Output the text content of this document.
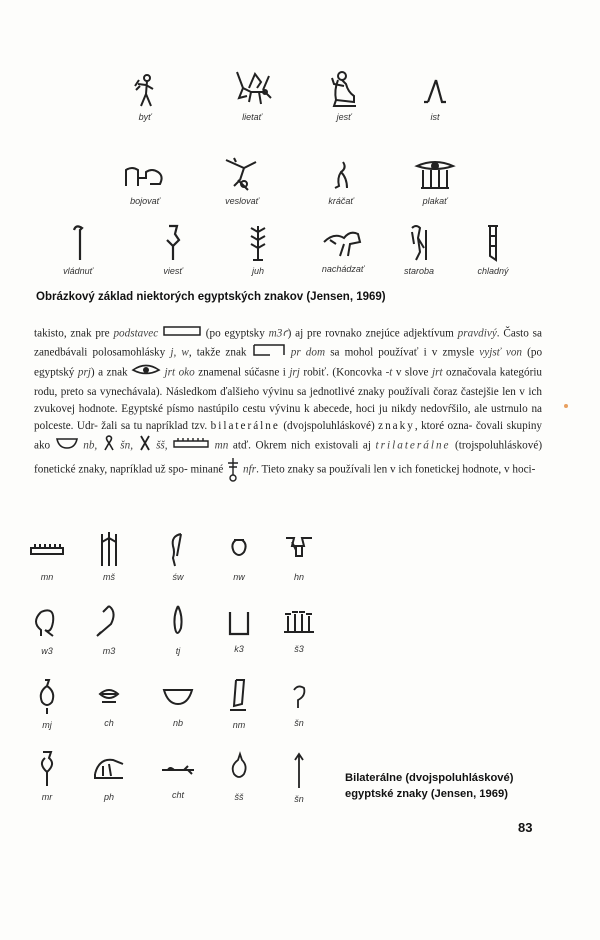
byť	lietať	jesť	ist
bojovať	veslovať	kráčať	plakať
vládnuť	viesť	juh	nachádzať	staroba	chladný
Obrázkový základ niektorých egyptských znakov (Jensen, 1969)
takisto, znak pre podstavec	(po egyptsky m3ꜥ) aj pre rovnako znejúce adjektívum pravdivý. Často sa zanedbávali polosamohlásky j, w, takže znak	pr dom sa mohol používať i v zmysle vyjsť von (po egyptský prj) a znak	jrt oko znamenal súčasne i jrj robiť. (Koncovka -t v slove jrt označovala kategóriu rodu, preto sa vynechávala). Následkom ďalšieho vývinu sa jednotlivé znaky používali čoraz častejšie len v ich zvukovej hodnote. Egyptské písmo nastúpilo cestu vývinu k abecede, hoci ju nikdy nedovŕšilo, ale ustrnulo na polceste. Udr- žali sa tu napríklad tzv. bilaterálne (dvojspoluhláskové) znaky, ktoré ozna- čovali skupiny ako	nb, šn, šš,	mn atď. Okrem nich existovali aj trilaterálne (trojspoluhláskové) fonetické znaky, napríklad už spo- minané nfr. Tieto znaky sa používali len v ich fonetickej hodnote, v hoci-
mn	mš	św	nw	hn
w3	m3	tj	k3	š3
mj	ch	nb	nm	šn
mr	ph	cht	šš	šn
Bilaterálne (dvojspoluhláskové)
egyptské znaky (Jensen, 1969)
83
